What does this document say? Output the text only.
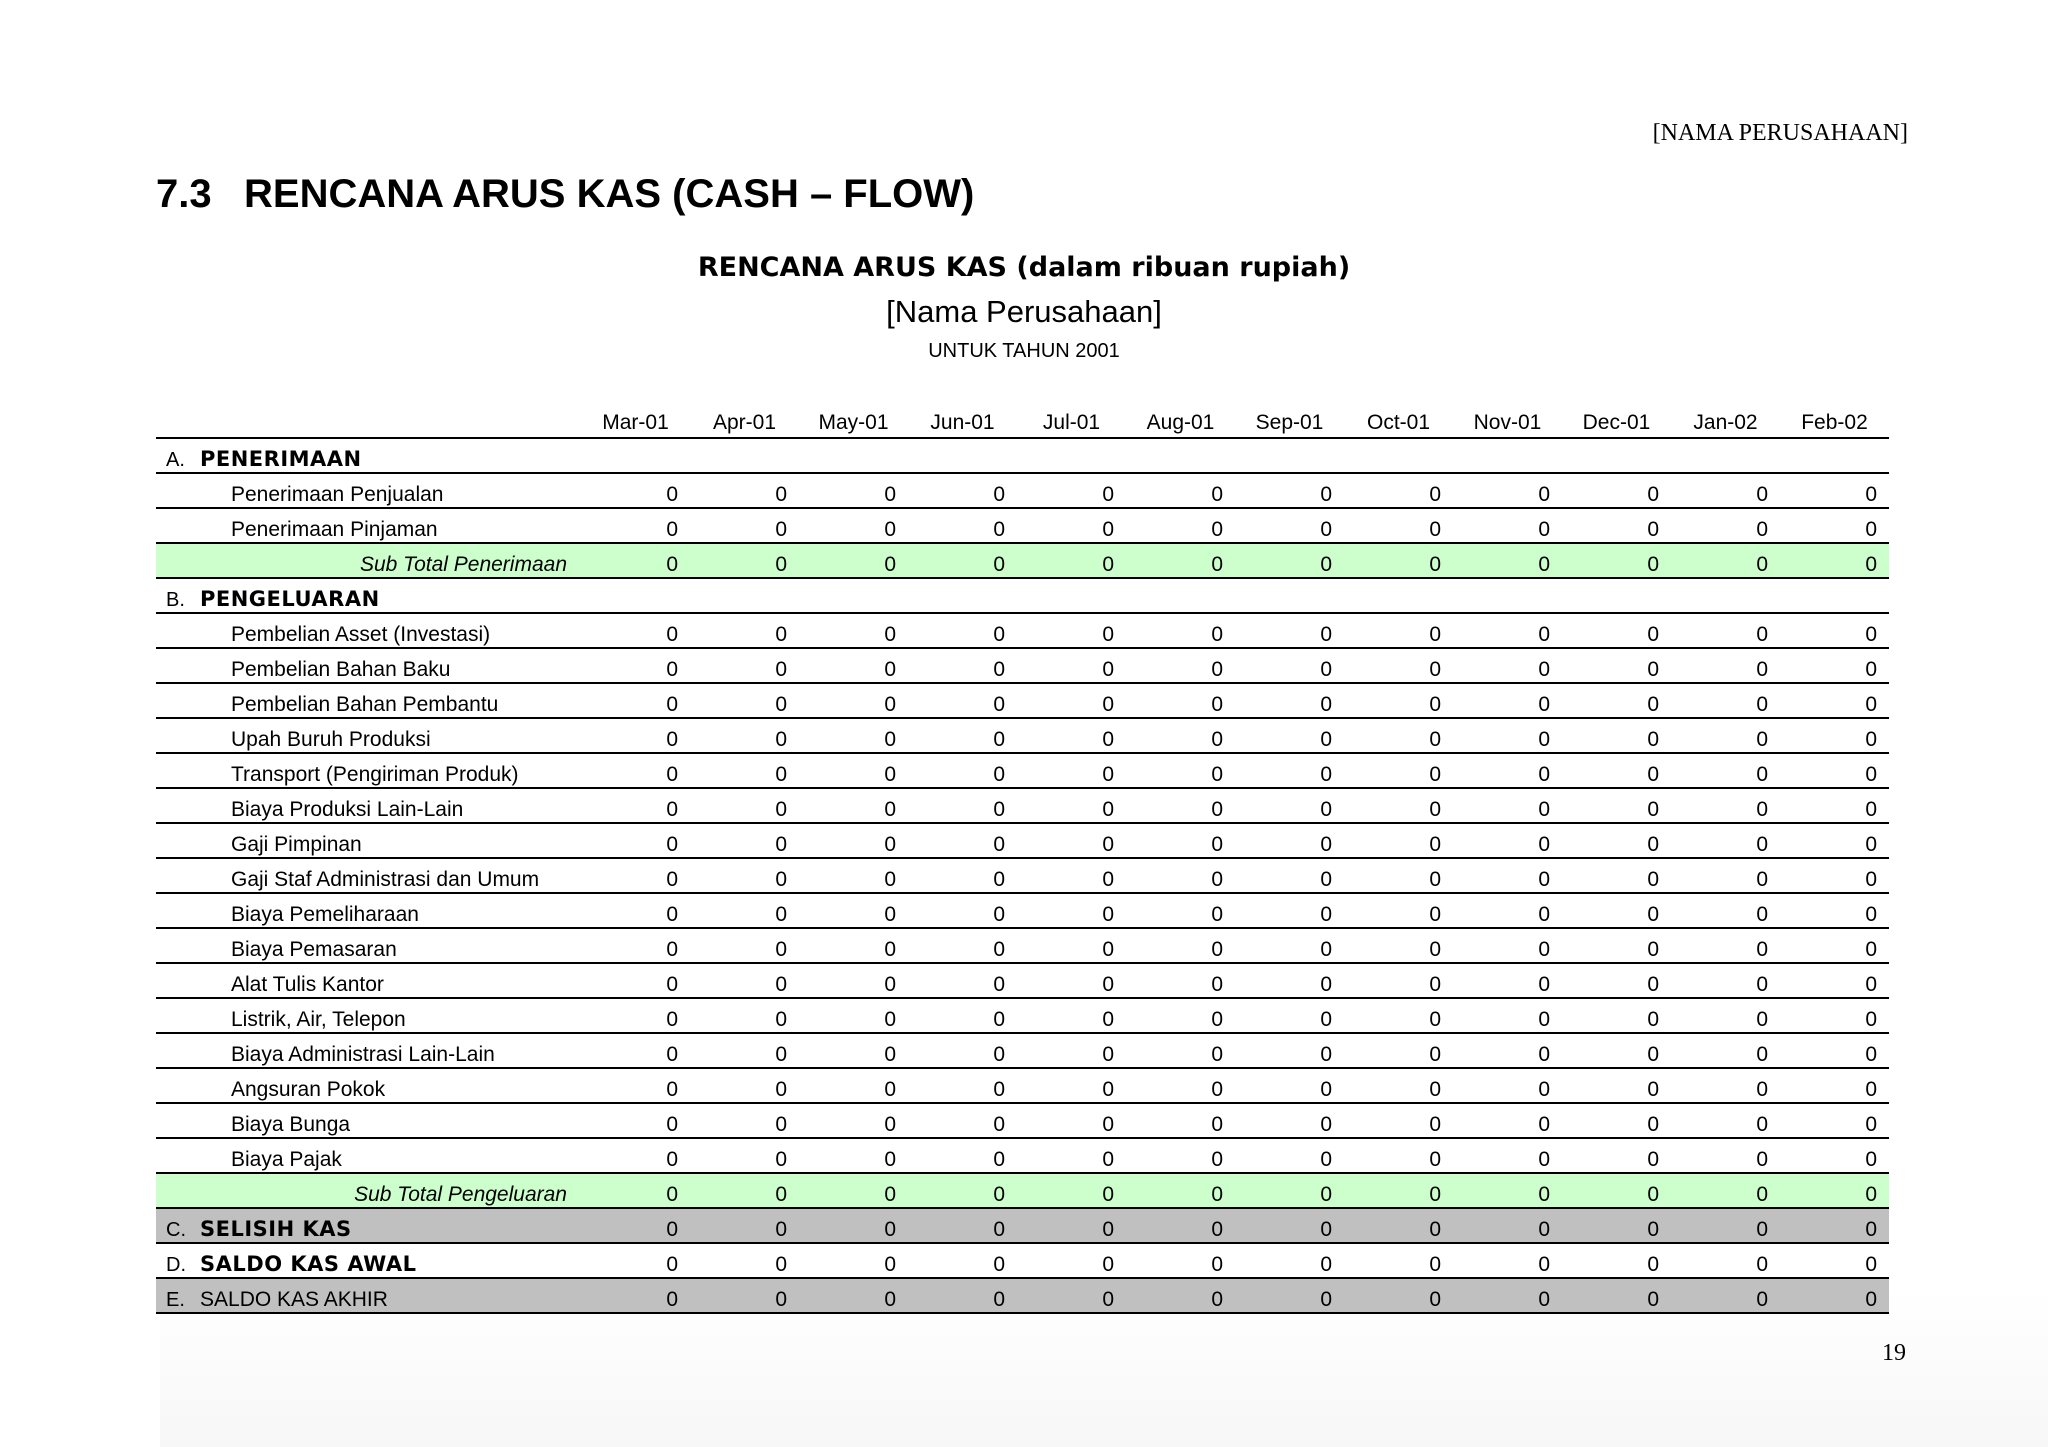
[NAMA PERUSAHAAN]
7.3 RENCANA ARUS KAS (CASH – FLOW)
RENCANA ARUS KAS (dalam ribuan rupiah)
[Nama Perusahaan]
UNTUK TAHUN 2001
	Mar-01	Apr-01	May-01	Jun-01	Jul-01	Aug-01	Sep-01	Oct-01	Nov-01	Dec-01	Jan-02	Feb-02
A. PENERIMAAN												
Penerimaan Penjualan	0	0	0	0	0	0	0	0	0	0	0	0
Penerimaan Pinjaman	0	0	0	0	0	0	0	0	0	0	0	0
Sub Total Penerimaan	0	0	0	0	0	0	0	0	0	0	0	0
B. PENGELUARAN												
Pembelian Asset (Investasi)	0	0	0	0	0	0	0	0	0	0	0	0
Pembelian Bahan Baku	0	0	0	0	0	0	0	0	0	0	0	0
Pembelian Bahan Pembantu	0	0	0	0	0	0	0	0	0	0	0	0
Upah Buruh Produksi	0	0	0	0	0	0	0	0	0	0	0	0
Transport (Pengiriman Produk)	0	0	0	0	0	0	0	0	0	0	0	0
Biaya Produksi Lain-Lain	0	0	0	0	0	0	0	0	0	0	0	0
Gaji Pimpinan	0	0	0	0	0	0	0	0	0	0	0	0
Gaji Staf Administrasi dan Umum	0	0	0	0	0	0	0	0	0	0	0	0
Biaya Pemeliharaan	0	0	0	0	0	0	0	0	0	0	0	0
Biaya Pemasaran	0	0	0	0	0	0	0	0	0	0	0	0
Alat Tulis Kantor	0	0	0	0	0	0	0	0	0	0	0	0
Listrik, Air, Telepon	0	0	0	0	0	0	0	0	0	0	0	0
Biaya Administrasi Lain-Lain	0	0	0	0	0	0	0	0	0	0	0	0
Angsuran Pokok	0	0	0	0	0	0	0	0	0	0	0	0
Biaya Bunga	0	0	0	0	0	0	0	0	0	0	0	0
Biaya Pajak	0	0	0	0	0	0	0	0	0	0	0	0
Sub Total Pengeluaran	0	0	0	0	0	0	0	0	0	0	0	0
C. SELISIH KAS	0	0	0	0	0	0	0	0	0	0	0	0
D. SALDO KAS AWAL	0	0	0	0	0	0	0	0	0	0	0	0
E. SALDO KAS AKHIR	0	0	0	0	0	0	0	0	0	0	0	0
19
